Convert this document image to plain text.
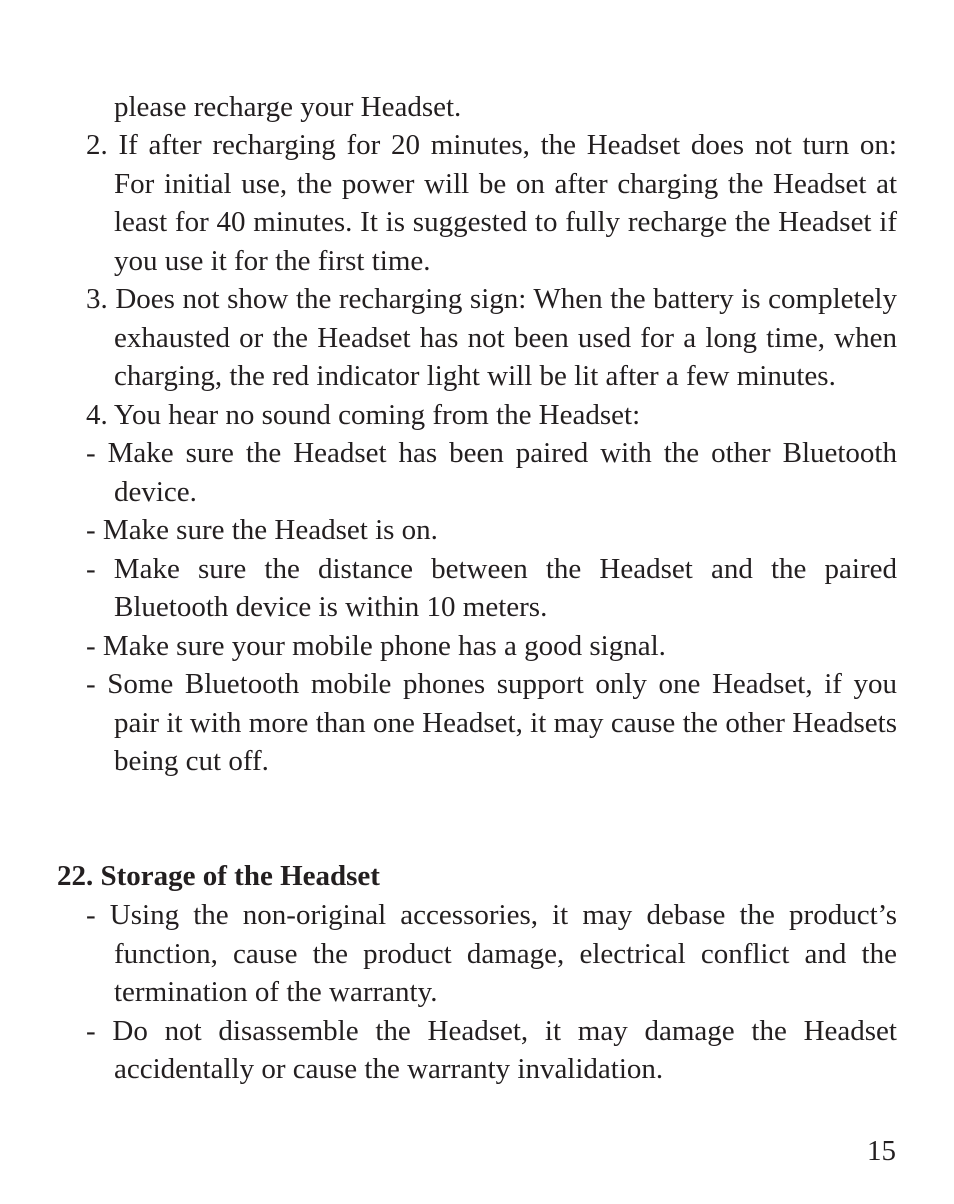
please recharge your Headset.

2. If after recharging for 20 minutes, the Headset does not turn on: For initial use, the power will be on after charging the Headset at least for 40 minutes. It is suggested to fully recharge the Headset if you use it for the first time.

3. Does not show the recharging sign: When the battery is completely exhausted or the Headset has not been used for a long time, when charging, the red indicator light will be lit after a few minutes.

4. You hear no sound coming from the Headset:

- Make sure the Headset has been paired with the other Bluetooth device.

- Make sure the Headset is on.

- Make sure the distance between the Headset and the paired Bluetooth device is within 10 meters.

- Make sure your mobile phone has a good signal.

- Some Bluetooth mobile phones support only one Headset, if you pair it with more than one Headset, it may cause the other Headsets being cut off.

22. Storage of the Headset

- Using the non-original accessories, it may debase the product’s function, cause the product damage, electrical conflict and the termination of the warranty.

- Do not disassemble the Headset, it may damage the Headset accidentally or cause the warranty invalidation.

15
